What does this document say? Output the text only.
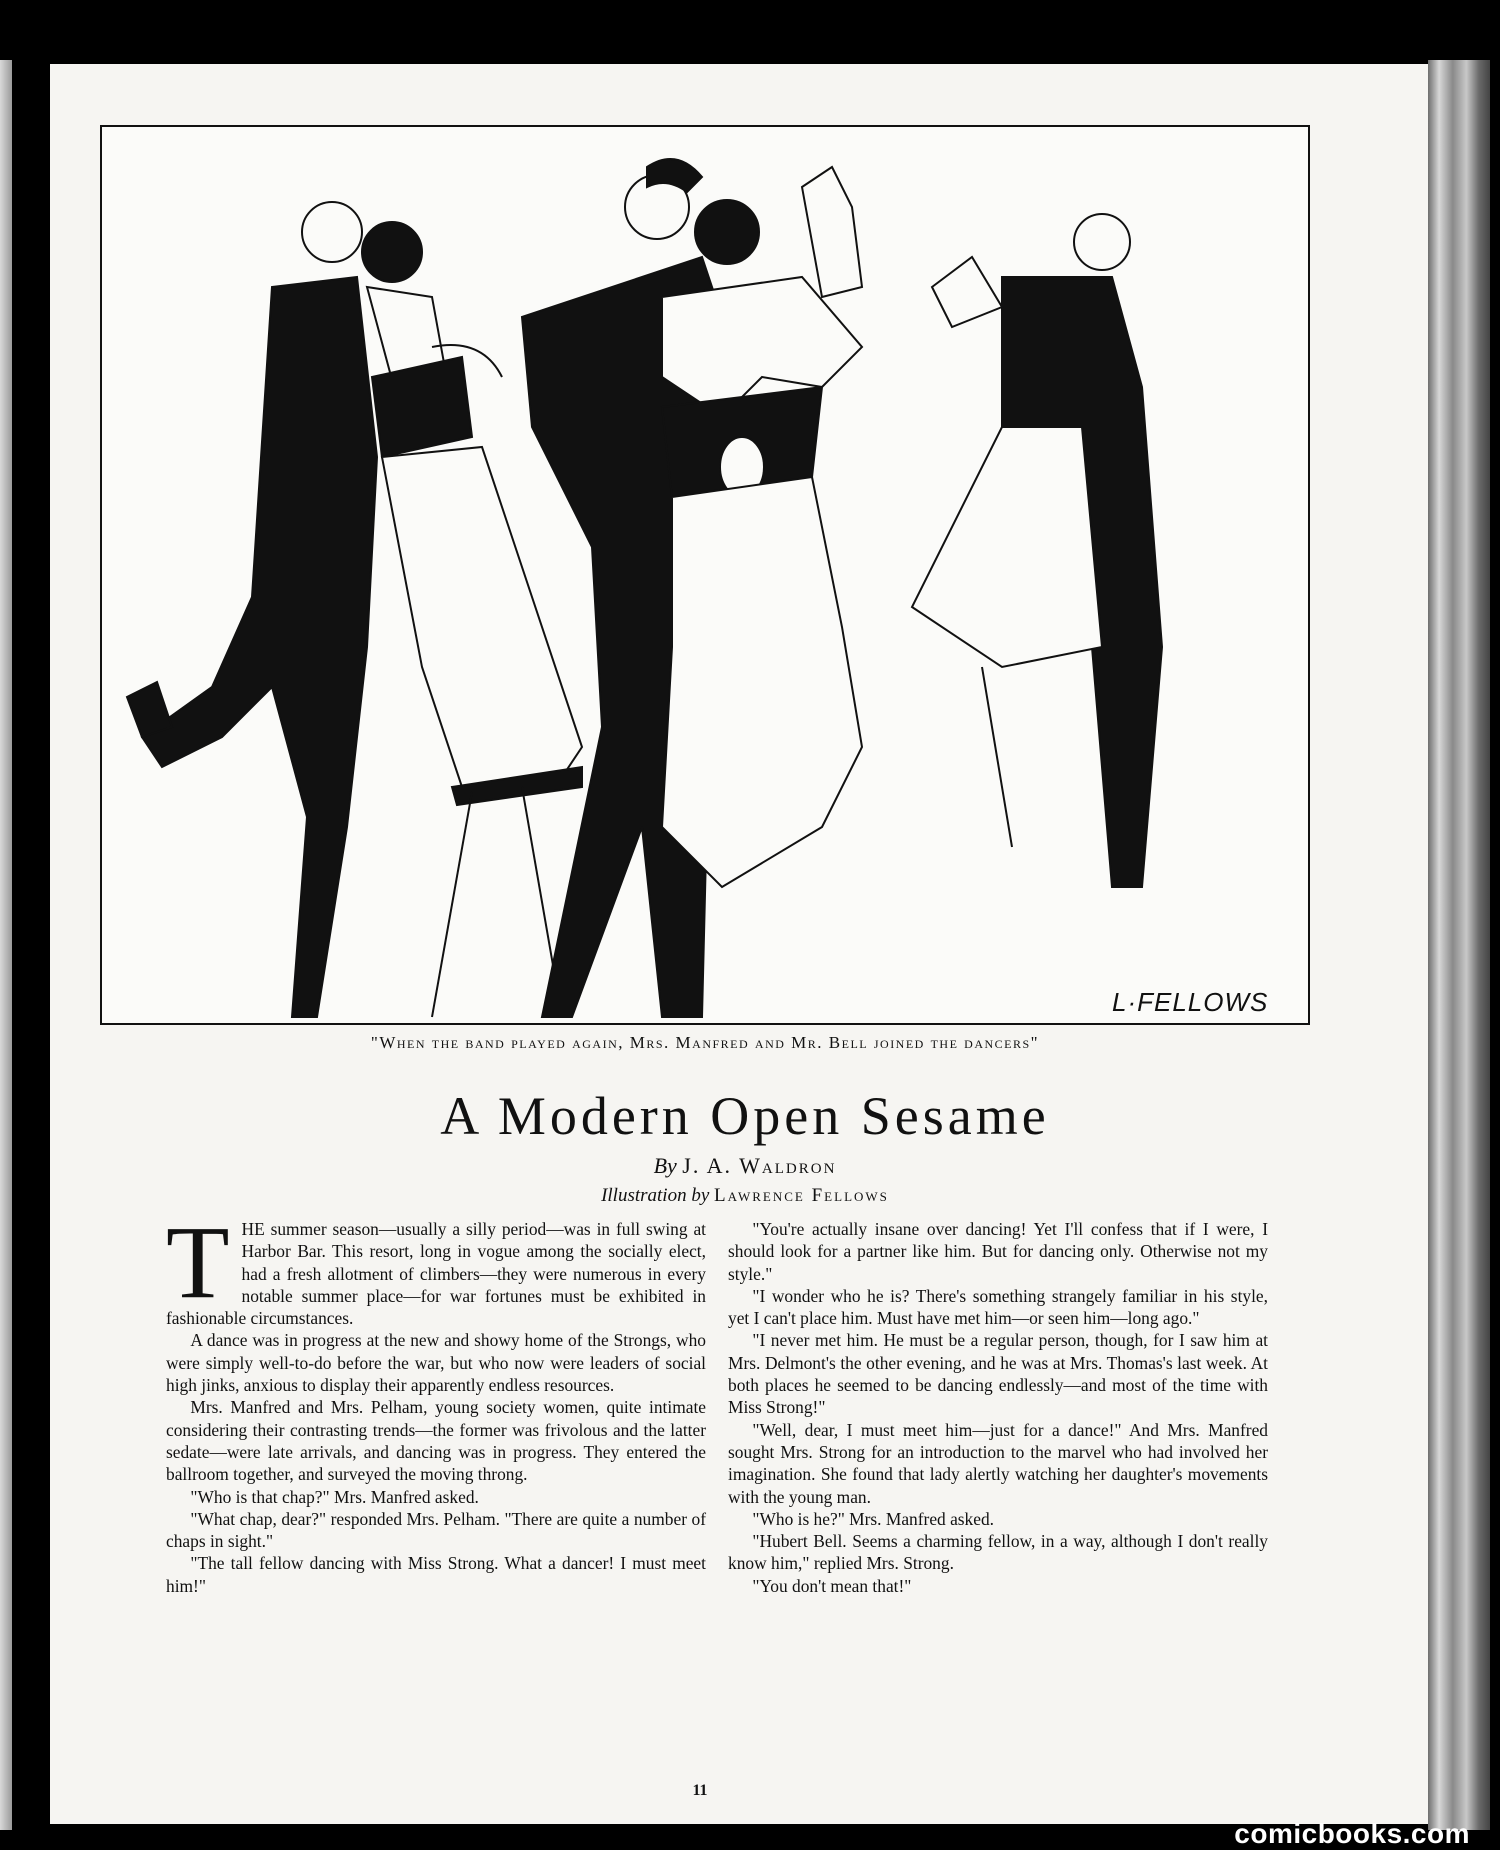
L·FELLOWS
"When the band played again, Mrs. Manfred and Mr. Bell joined the dancers"
A Modern Open Sesame
By J. A. Waldron
Illustration by Lawrence Fellows

THE summer season—usually a silly period—was in full swing at Harbor Bar. This resort, long in vogue among the socially elect, had a fresh allotment of climbers—they were numerous in every notable summer place—for war fortunes must be exhibited in fashionable circumstances.

A dance was in progress at the new and showy home of the Strongs, who were simply well-to-do before the war, but who now were leaders of social high jinks, anxious to display their apparently endless resources.

Mrs. Manfred and Mrs. Pelham, young society women, quite intimate considering their contrasting trends—the former was frivolous and the latter sedate—were late arrivals, and dancing was in progress. They entered the ballroom together, and surveyed the moving throng.

"Who is that chap?" Mrs. Manfred asked.

"What chap, dear?" responded Mrs. Pelham. "There are quite a number of chaps in sight."

"The tall fellow dancing with Miss Strong. What a dancer! I must meet him!"

"You're actually insane over dancing! Yet I'll confess that if I were, I should look for a partner like him. But for dancing only. Otherwise not my style."

"I wonder who he is? There's something strangely familiar in his style, yet I can't place him. Must have met him—or seen him—long ago."

"I never met him. He must be a regular person, though, for I saw him at Mrs. Delmont's the other evening, and he was at Mrs. Thomas's last week. At both places he seemed to be dancing endlessly—and most of the time with Miss Strong!"

"Well, dear, I must meet him—just for a dance!" And Mrs. Manfred sought Mrs. Strong for an introduction to the marvel who had involved her imagination. She found that lady alertly watching her daughter's movements with the young man.

"Who is he?" Mrs. Manfred asked.

"Hubert Bell. Seems a charming fellow, in a way, although I don't really know him," replied Mrs. Strong.

"You don't mean that!"

11
comicbooks.com
